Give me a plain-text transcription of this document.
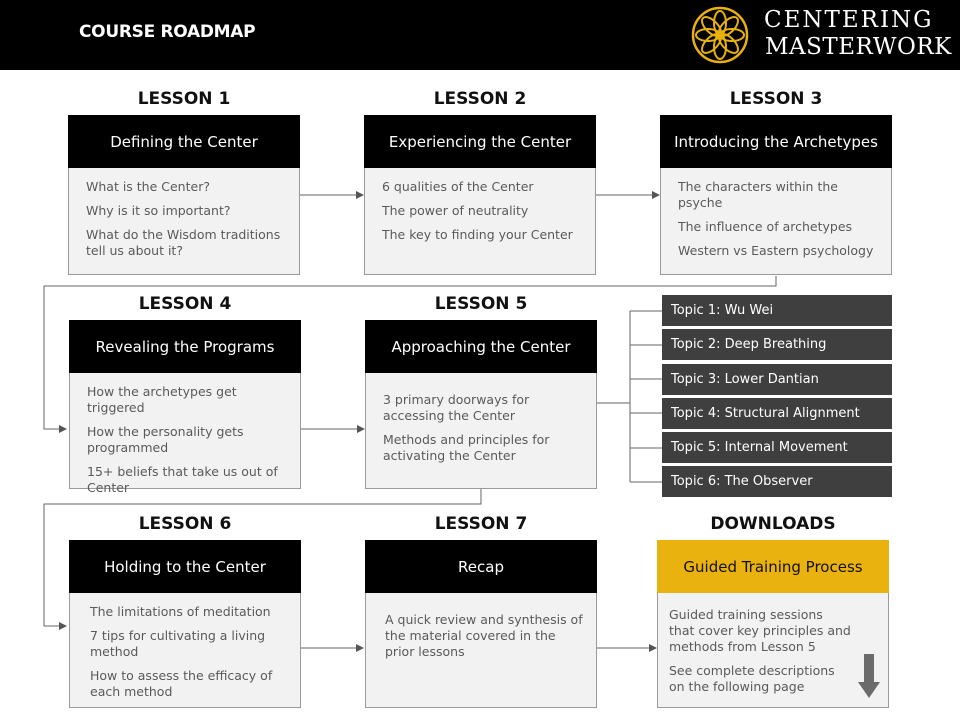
COURSE ROADMAP	CENTERING
MASTERWORK
LESSON 1
Defining the Center
What is the Center?
Why is it so important?
What do the Wisdom traditions tell us about it?
LESSON 2
Experiencing the Center
6 qualities of the Center
The power of neutrality
The key to finding your Center
LESSON 3
Introducing the Archetypes
The characters within the psyche
The influence of archetypes
Western vs Eastern psychology
LESSON 4
Revealing the Programs
How the archetypes get triggered
How the personality gets programmed
15+ beliefs that take us out of Center
LESSON 5
Approaching the Center
3 primary doorways for accessing the Center
Methods and principles for activating the Center
Topic 1: Wu Wei
Topic 2: Deep Breathing
Topic 3: Lower Dantian
Topic 4: Structural Alignment
Topic 5: Internal Movement
Topic 6: The Observer
LESSON 6
Holding to the Center
The limitations of meditation
7 tips for cultivating a living method
How to assess the efficacy of each method
LESSON 7
Recap
A quick review and synthesis of the material covered in the prior lessons
DOWNLOADS
Guided Training Process
Guided training sessions that cover key principles and methods from Lesson 5
See complete descriptions on the following page
